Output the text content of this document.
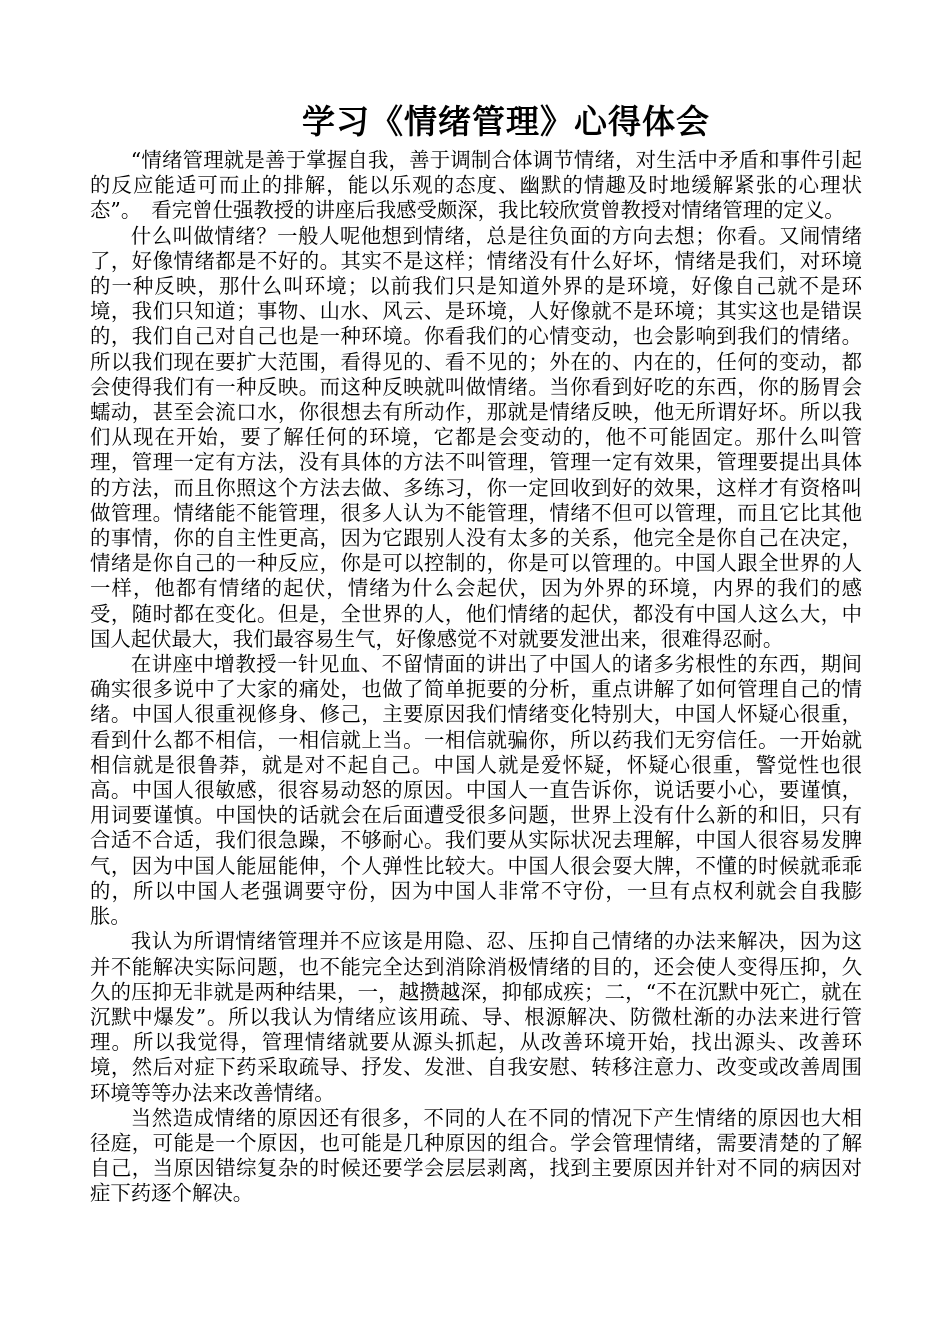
学习《情绪管理》心得体会

“情绪管理就是善于掌握自我，善于调制合体调节情绪，对生活中矛盾和事件引起的反应能适可而止的排解，能以乐观的态度、幽默的情趣及时地缓解紧张的心理状态”。　看完曾仕强教授的讲座后我感受颇深，我比较欣赏曾教授对情绪管理的定义。

什么叫做情绪？一般人呢他想到情绪，总是往负面的方向去想；你看。又闹情绪了，好像情绪都是不好的。其实不是这样；情绪没有什么好坏，情绪是我们，对环境的一种反映，那什么叫环境；以前我们只是知道外界的是环境，好像自己就不是环境，我们只知道；事物、山水、风云、是环境，人好像就不是环境；其实这也是错误的，我们自己对自己也是一种环境。你看我们的心情变动，也会影响到我们的情绪。所以我们现在要扩大范围，看得见的、看不见的；外在的、内在的，任何的变动，都会使得我们有一种反映。而这种反映就叫做情绪。当你看到好吃的东西，你的肠胃会蠕动，甚至会流口水，你很想去有所动作，那就是情绪反映，他无所谓好坏。所以我们从现在开始，要了解任何的环境，它都是会变动的，他不可能固定。那什么叫管理，管理一定有方法，没有具体的方法不叫管理，管理一定有效果，管理要提出具体的方法，而且你照这个方法去做、多练习，你一定回收到好的效果，这样才有资格叫做管理。情绪能不能管理，很多人认为不能管理，情绪不但可以管理，而且它比其他的事情，你的自主性更高，因为它跟别人没有太多的关系，他完全是你自己在决定，情绪是你自己的一种反应，你是可以控制的，你是可以管理的。中国人跟全世界的人一样，他都有情绪的起伏，情绪为什么会起伏，因为外界的环境，内界的我们的感受，随时都在变化。但是，全世界的人，他们情绪的起伏，都没有中国人这么大，中国人起伏最大，我们最容易生气，好像感觉不对就要发泄出来，很难得忍耐。

在讲座中增教授一针见血、不留情面的讲出了中国人的诸多劣根性的东西，期间确实很多说中了大家的痛处，也做了简单扼要的分析，重点讲解了如何管理自己的情绪。中国人很重视修身、修己，主要原因我们情绪变化特别大，中国人怀疑心很重，看到什么都不相信，一相信就上当。一相信就骗你，所以药我们无穷信任。一开始就相信就是很鲁莽，就是对不起自己。中国人就是爱怀疑，怀疑心很重，警觉性也很高。中国人很敏感，很容易动怒的原因。中国人一直告诉你，说话要小心，要谨慎，用词要谨慎。中国快的话就会在后面遭受很多问题，世界上没有什么新的和旧，只有合适不合适，我们很急躁，不够耐心。我们要从实际状况去理解，中国人很容易发脾气，因为中国人能屈能伸，个人弹性比较大。中国人很会耍大牌，不懂的时候就乖乖的，所以中国人老强调要守份，因为中国人非常不守份，一旦有点权利就会自我膨胀。

我认为所谓情绪管理并不应该是用隐、忍、压抑自己情绪的办法来解决，因为这并不能解决实际问题，也不能完全达到消除消极情绪的目的，还会使人变得压抑，久久的压抑无非就是两种结果，一，越攒越深，抑郁成疾；二，“不在沉默中死亡，就在沉默中爆发”。所以我认为情绪应该用疏、导、根源解决、防微杜渐的办法来进行管理。所以我觉得，管理情绪就要从源头抓起，从改善环境开始，找出源头、改善环境，然后对症下药采取疏导、抒发、发泄、自我安慰、转移注意力、改变或改善周围环境等等办法来改善情绪。

当然造成情绪的原因还有很多，不同的人在不同的情况下产生情绪的原因也大相径庭，可能是一个原因，也可能是几种原因的组合。学会管理情绪，需要清楚的了解自己，当原因错综复杂的时候还要学会层层剥离，找到主要原因并针对不同的病因对症下药逐个解决。
